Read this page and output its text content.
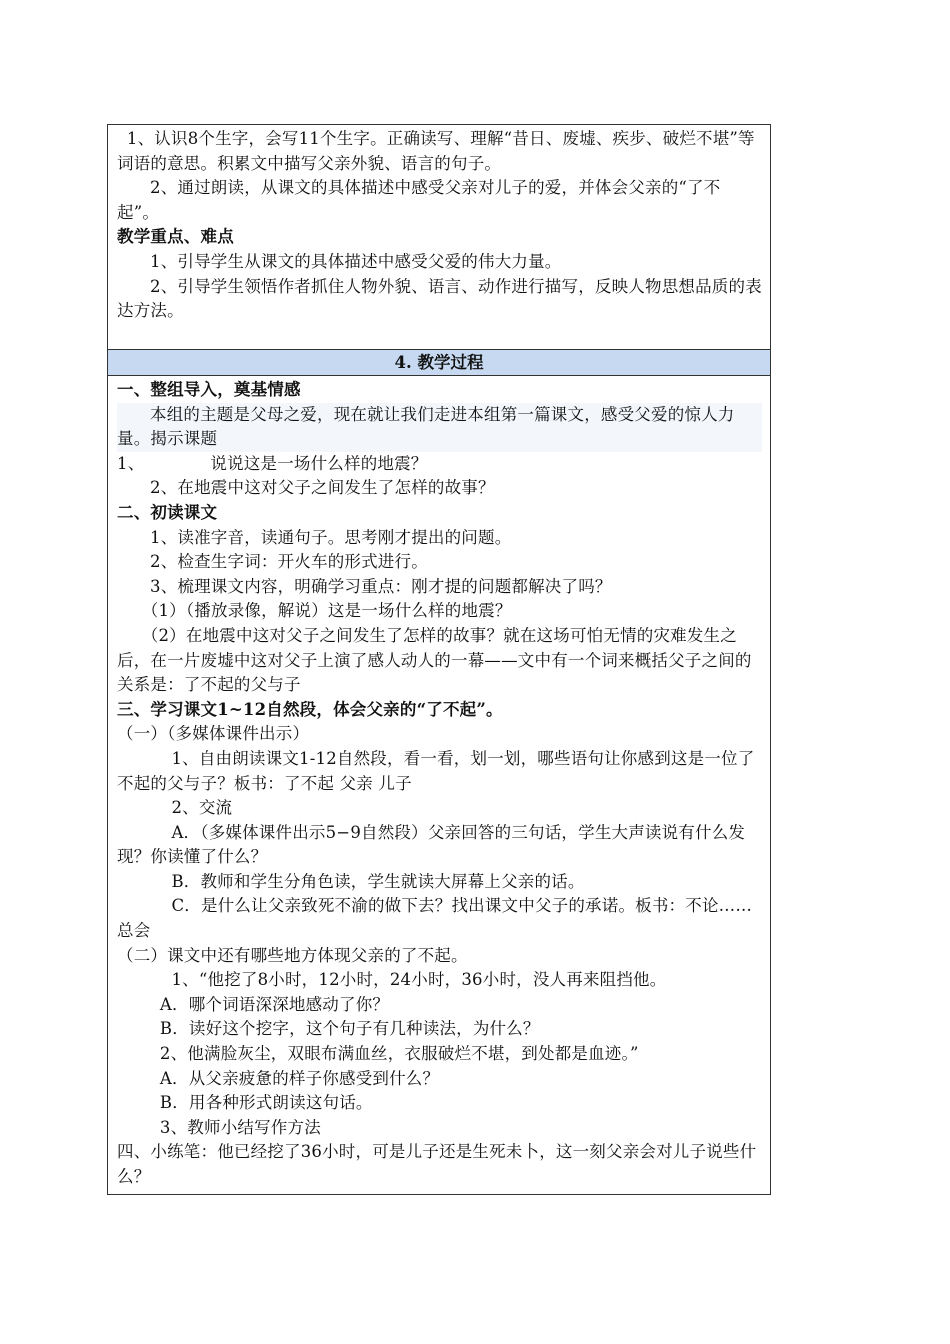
1、认识8个生字，会写11个生字。正确读写、理解“昔日、废墟、疾步、破烂不堪”等词语的意思。积累文中描写父亲外貌、语言的句子。

2、通过朗读，从课文的具体描述中感受父亲对儿子的爱，并体会父亲的“了不起”。

教学重点、难点

1、引导学生从课文的具体描述中感受父爱的伟大力量。

2、引导学生领悟作者抓住人物外貌、语言、动作进行描写，反映人物思想品质的表达方法。

4. 教学过程

一、整组导入，奠基情感

本组的主题是父母之爱，现在就让我们走进本组第一篇课文，感受父爱的惊人力量。揭示课题

1、	说说这是一场什么样的地震？

2、在地震中这对父子之间发生了怎样的故事？

二、初读课文

1、读准字音，读通句子。思考刚才提出的问题。

2、检查生字词：开火车的形式进行。

3、梳理课文内容，明确学习重点：刚才提的问题都解决了吗？

（1）（播放录像，解说）这是一场什么样的地震？

（2）在地震中这对父子之间发生了怎样的故事？就在这场可怕无情的灾难发生之后，在一片废墟中这对父子上演了感人动人的一幕——文中有一个词来概括父子之间的关系是：了不起的父与子

三、学习课文1~12自然段，体会父亲的“了不起”。

（一）（多媒体课件出示）

1、自由朗读课文1-12自然段，看一看，划一划，哪些语句让你感到这是一位了不起的父与子？板书：了不起 父亲 儿子

2、交流

A．（多媒体课件出示5−9自然段）父亲回答的三句话，学生大声读说有什么发现？你读懂了什么？

B．教师和学生分角色读，学生就读大屏幕上父亲的话。

C．是什么让父亲致死不渝的做下去？找出课文中父子的承诺。板书：不论……总会

（二）课文中还有哪些地方体现父亲的了不起。

1、“他挖了8小时，12小时，24小时，36小时，没人再来阻挡他。

A．哪个词语深深地感动了你？

B．读好这个挖字，这个句子有几种读法，为什么？

2、他满脸灰尘，双眼布满血丝，衣服破烂不堪，到处都是血迹。”

A．从父亲疲惫的样子你感受到什么？

B．用各种形式朗读这句话。

3、教师小结写作方法

四、小练笔：他已经挖了36小时，可是儿子还是生死未卜，这一刻父亲会对儿子说些什么？
